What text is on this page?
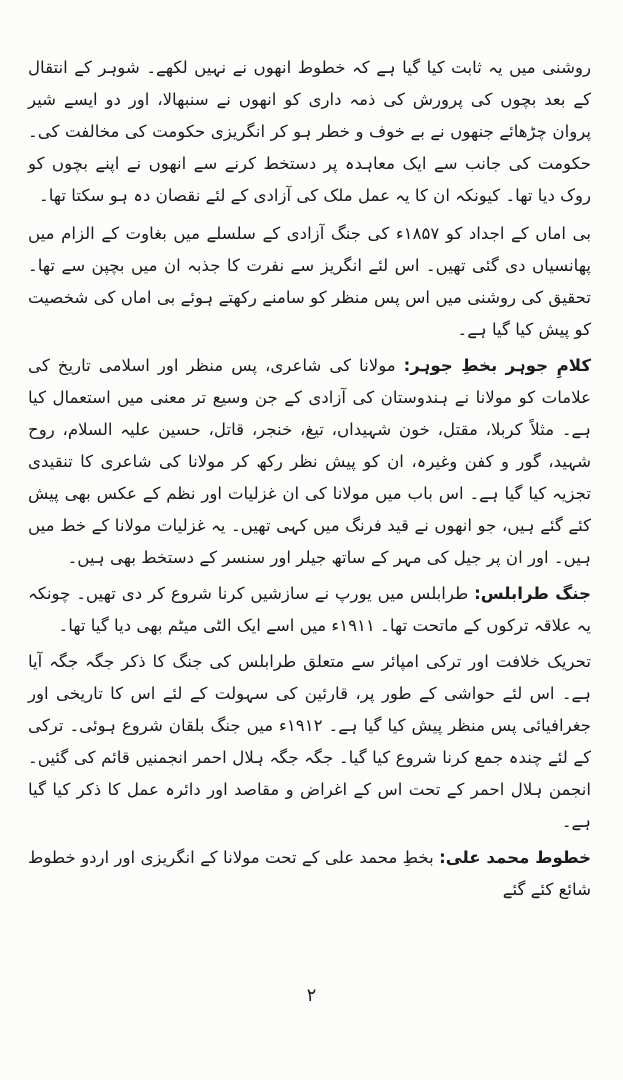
روشنی میں یہ ثابت کیا گیا ہے کہ خطوط انھوں نے نہیں لکھے۔ شوہر کے انتقال کے بعد بچوں کی پرورش کی ذمہ داری کو انھوں نے سنبھالا، اور دو ایسے شیر پروان چڑھائے جنھوں نے بے خوف و خطر ہو کر انگریزی حکومت کی مخالفت کی۔ حکومت کی جانب سے ایک معاہدہ پر دستخط کرنے سے انھوں نے اپنے بچوں کو روک دیا تھا۔ کیونکہ ان کا یہ عمل ملک کی آزادی کے لئے نقصان دہ ہو سکتا تھا۔

بی اماں کے اجداد کو ۱۸۵۷ء کی جنگ آزادی کے سلسلے میں بغاوت کے الزام میں پھانسیاں دی گئی تھیں۔ اس لئے انگریز سے نفرت کا جذبہ ان میں بچپن سے تھا۔ تحقیق کی روشنی میں اس پس منظر کو سامنے رکھتے ہوئے بی اماں کی شخصیت کو پیش کیا گیا ہے۔

کلامِ جوہر بخطِ جوہر: مولانا کی شاعری، پس منظر اور اسلامی تاریخ کی علامات کو مولانا نے ہندوستان کی آزادی کے جن وسیع تر معنی میں استعمال کیا ہے۔ مثلاً کربلا، مقتل، خون شہیداں، تیغ، خنجر، قاتل، حسین علیہ السلام، روح شہید، گور و کفن وغیرہ، ان کو پیش نظر رکھ کر مولانا کی شاعری کا تنقیدی تجزیہ کیا گیا ہے۔ اس باب میں مولانا کی ان غزلیات اور نظم کے عکس بھی پیش کئے گئے ہیں، جو انھوں نے قید فرنگ میں کہی تھیں۔ یہ غزلیات مولانا کے خط میں ہیں۔ اور ان پر جیل کی مہر کے ساتھ جیلر اور سنسر کے دستخط بھی ہیں۔

جنگ طرابلس: طرابلس میں یورپ نے سازشیں کرنا شروع کر دی تھیں۔ چونکہ یہ علاقہ ترکوں کے ماتحت تھا۔ ۱۹۱۱ء میں اسے ایک الٹی میٹم بھی دیا گیا تھا۔

تحریک خلافت اور ترکی امپائر سے متعلق طرابلس کی جنگ کا ذکر جگہ جگہ آیا ہے۔ اس لئے حواشی کے طور پر، قارئین کی سہولت کے لئے اس کا تاریخی اور جغرافیائی پس منظر پیش کیا گیا ہے۔ ۱۹۱۲ء میں جنگ بلقان شروع ہوئی۔ ترکی کے لئے چندہ جمع کرنا شروع کیا گیا۔ جگہ جگہ ہلال احمر انجمنیں قائم کی گئیں۔ انجمن ہلال احمر کے تحت اس کے اغراض و مقاصد اور دائرہ عمل کا ذکر کیا گیا ہے۔

خطوط محمد علی: بخطِ محمد علی کے تحت مولانا کے انگریزی اور اردو خطوط شائع کئے گئے

۲
